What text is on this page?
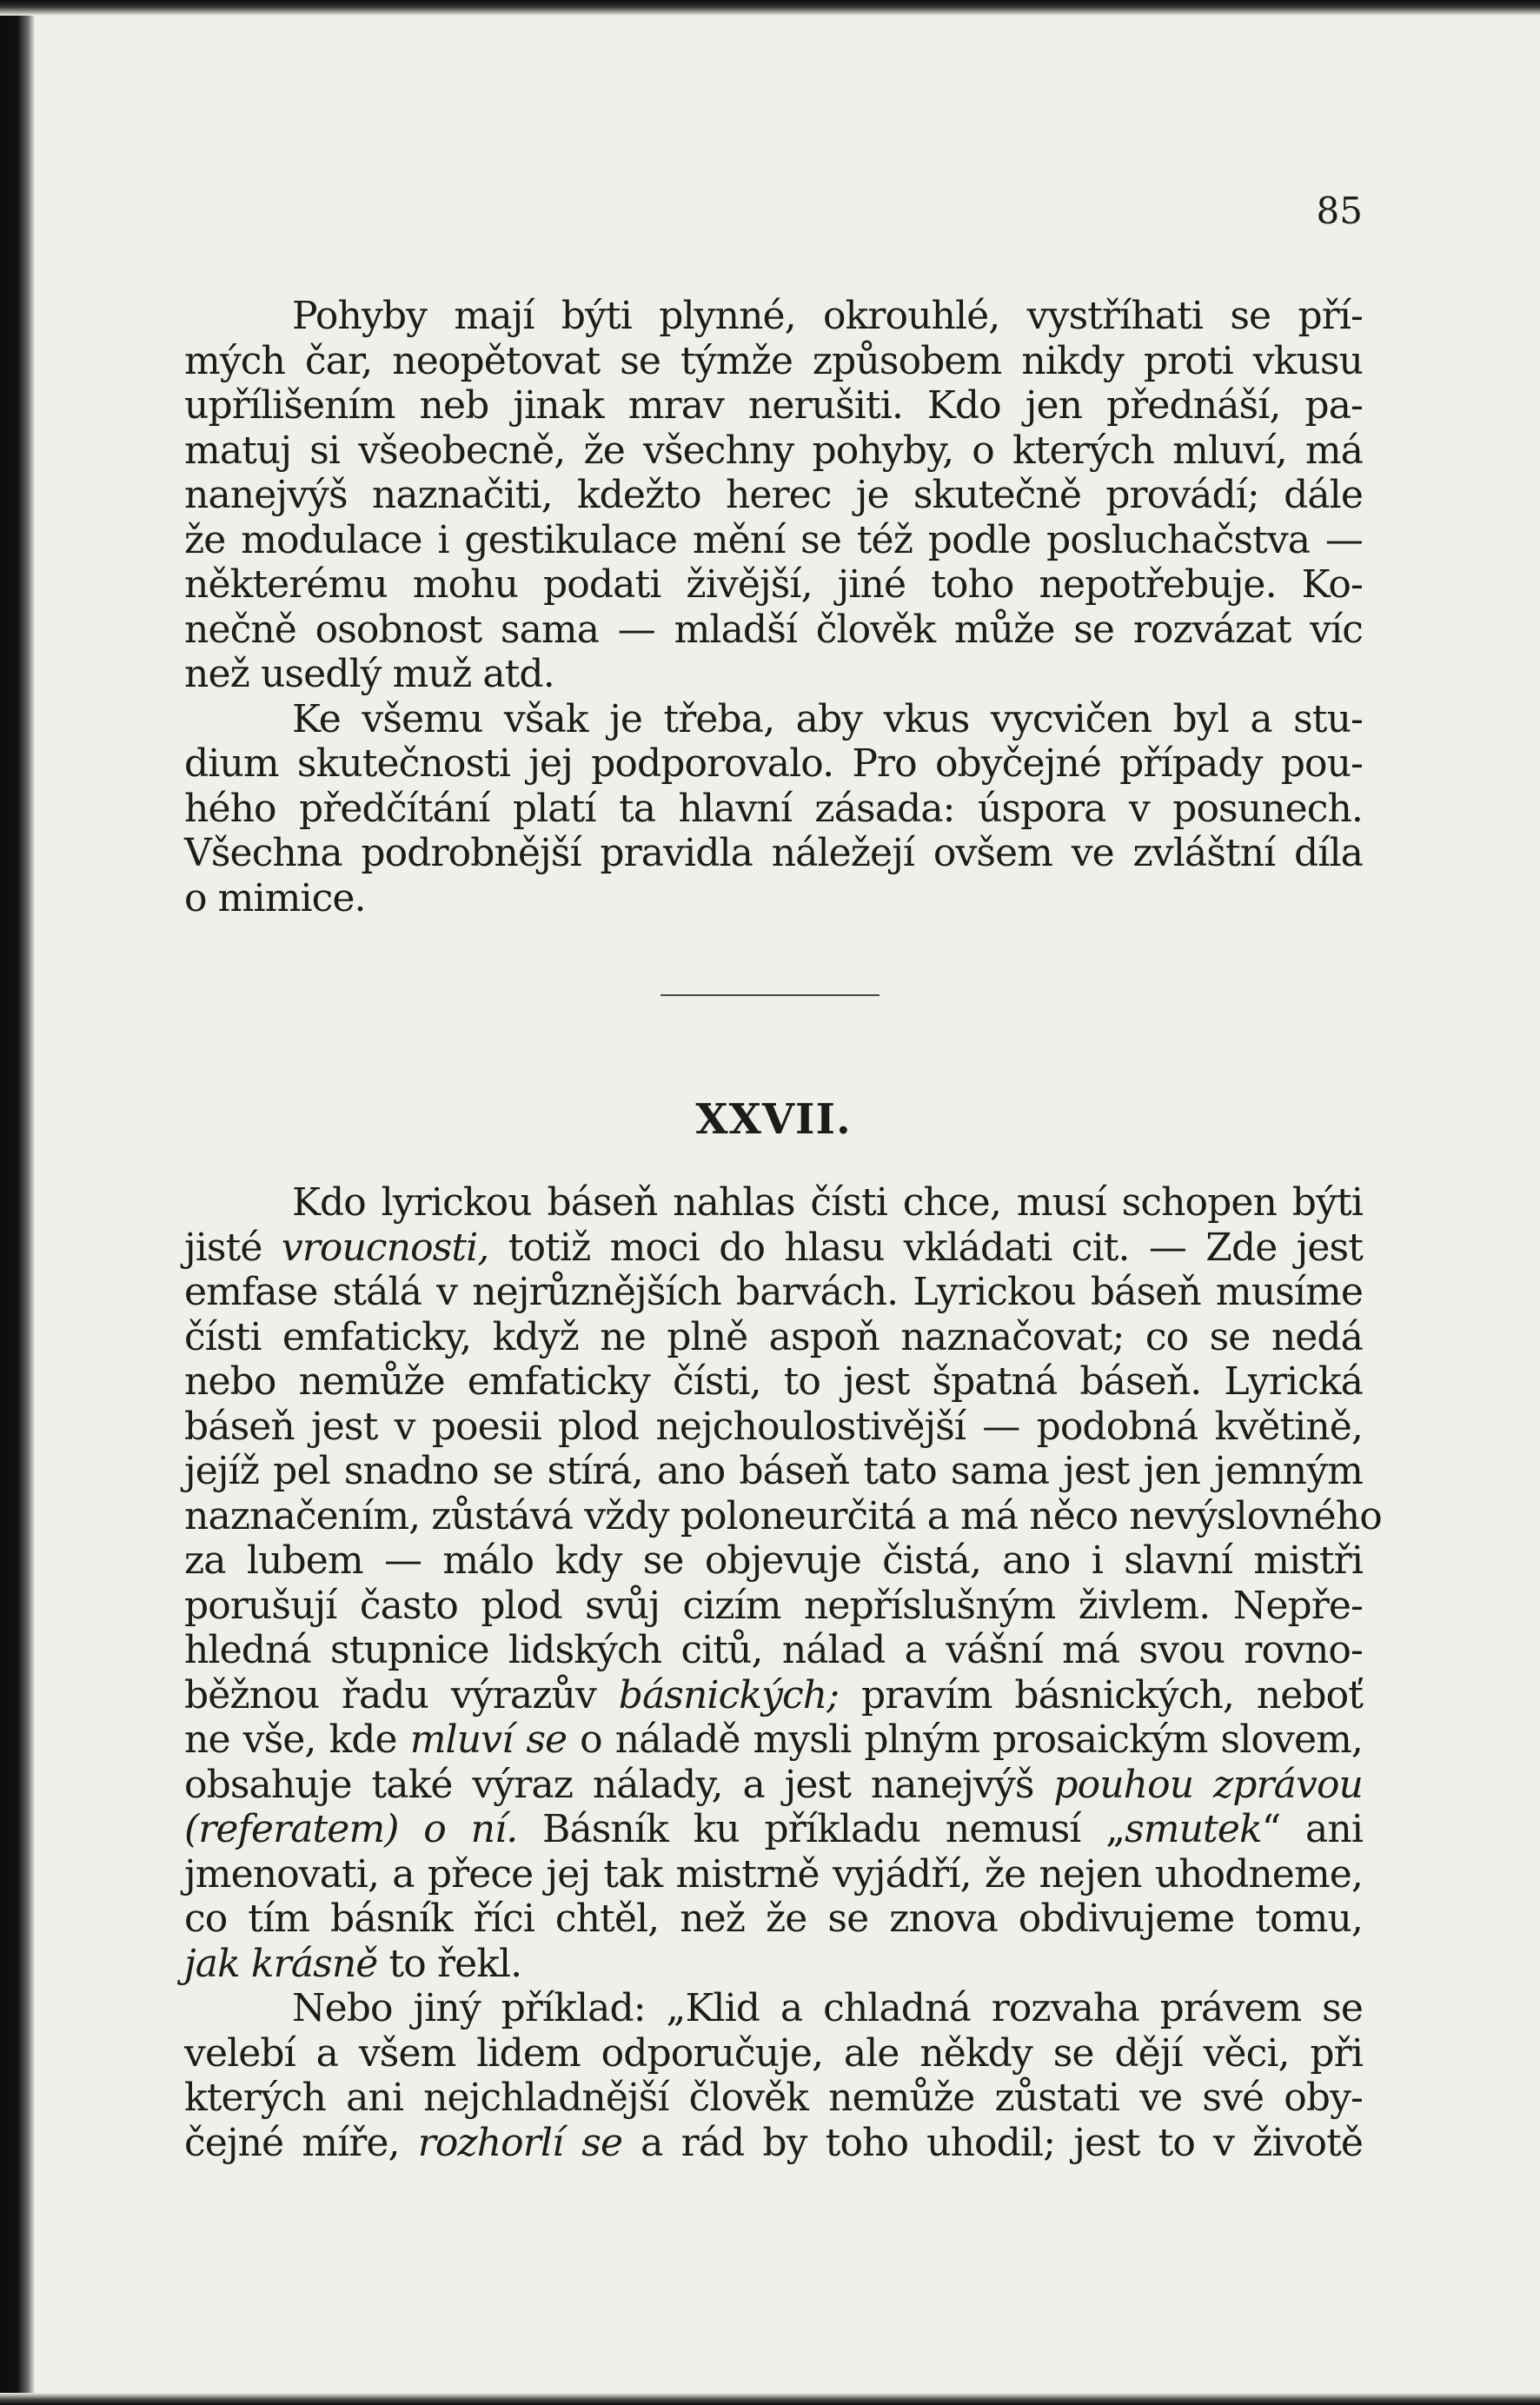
85
Pohyby mají býti plynné, okrouhlé, vystříhati se pří-
mých čar, neopětovat se týmže způsobem nikdy proti vkusu
upřílišením neb jinak mrav nerušiti. Kdo jen přednáší, pa-
matuj si všeobecně, že všechny pohyby, o kterých mluví, má
nanejvýš naznačiti, kdežto herec je skutečně provádí; dále
že modulace i gestikulace mění se též podle posluchačstva —
některému mohu podati živější, jiné toho nepotřebuje. Ko-
nečně osobnost sama — mladší člověk může se rozvázat víc
než usedlý muž atd.
Ke všemu však je třeba, aby vkus vycvičen byl a stu-
dium skutečnosti jej podporovalo. Pro obyčejné případy pou-
hého předčítání platí ta hlavní zásada: úspora v posunech.
Všechna podrobnější pravidla náležejí ovšem ve zvláštní díla
o mimice.
XXVII.
Kdo lyrickou báseň nahlas čísti chce, musí schopen býti
jisté vroucnosti, totiž moci do hlasu vkládati cit. — Zde jest
emfase stálá v nejrůznějších barvách. Lyrickou báseň musíme
čísti emfaticky, když ne plně aspoň naznačovat; co se nedá
nebo nemůže emfaticky čísti, to jest špatná báseň. Lyrická
báseň jest v poesii plod nejchoulostivější — podobná květině,
jejíž pel snadno se stírá, ano báseň tato sama jest jen jemným
naznačením, zůstává vždy poloneurčitá a má něco nevýslovného
za lubem — málo kdy se objevuje čistá, ano i slavní mistři
porušují často plod svůj cizím nepříslušným živlem. Nepře-
hledná stupnice lidských citů, nálad a vášní má svou rovno-
běžnou řadu výrazův básnických; pravím básnických, neboť
ne vše, kde mluví se o náladě mysli plným prosaickým slovem,
obsahuje také výraz nálady, a jest nanejvýš pouhou zprávou
(referatem) o ní. Básník ku příkladu nemusí „smutek“ ani
jmenovati, a přece jej tak mistrně vyjádří, že nejen uhodneme,
co tím básník říci chtěl, než že se znova obdivujeme tomu,
jak krásně to řekl.
Nebo jiný příklad: „Klid a chladná rozvaha právem se
velebí a všem lidem odporučuje, ale někdy se dějí věci, při
kterých ani nejchladnější člověk nemůže zůstati ve své oby-
čejné míře, rozhorlí se a rád by toho uhodil; jest to v životě
